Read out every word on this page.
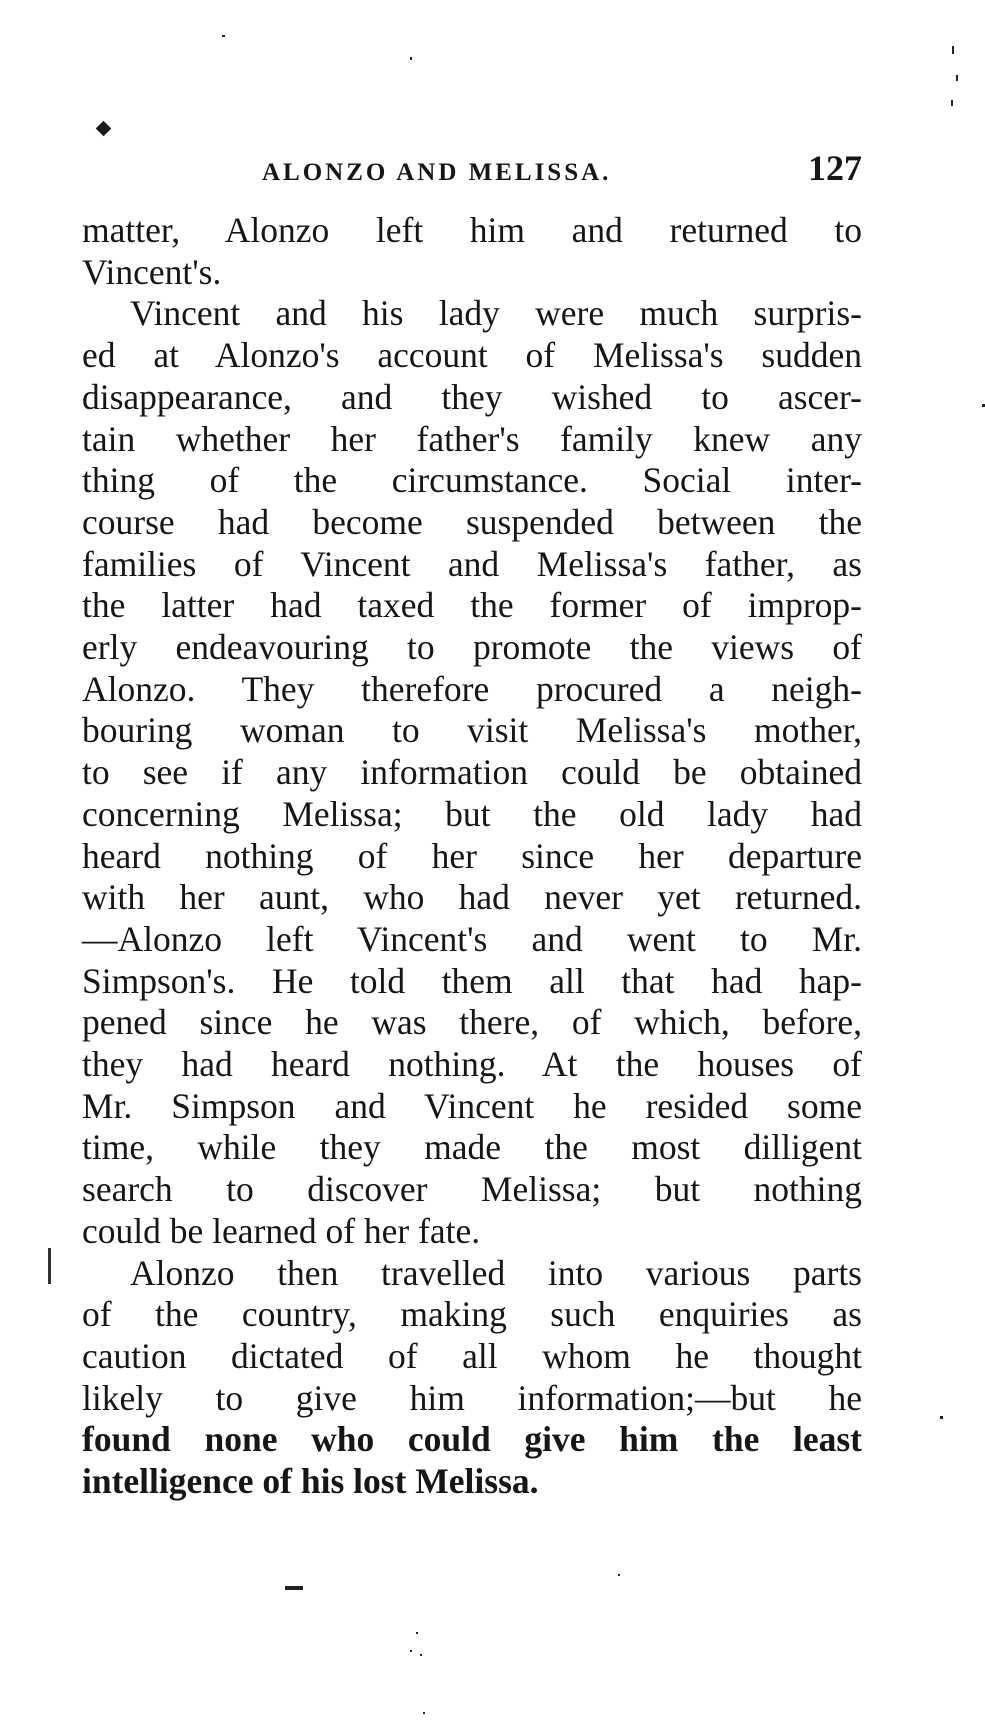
ALONZO AND MELISSA.	127

matter, Alonzo left him and returned to
Vincent's.

Vincent and his lady were much surpris-
ed at Alonzo's account of Melissa's sudden
disappearance, and they wished to ascer-
tain whether her father's family knew any
thing of the circumstance. Social inter-
course had become suspended between the
families of Vincent and Melissa's father, as
the latter had taxed the former of improp-
erly endeavouring to promote the views of
Alonzo. They therefore procured a neigh-
bouring woman to visit Melissa's mother,
to see if any information could be obtained
concerning Melissa; but the old lady had
heard nothing of her since her departure
with her aunt, who had never yet returned.
—Alonzo left Vincent's and went to Mr.
Simpson's. He told them all that had hap-
pened since he was there, of which, before,
they had heard nothing. At the houses of
Mr. Simpson and Vincent he resided some
time, while they made the most dilligent
search to discover Melissa; but nothing
could be learned of her fate.

Alonzo then travelled into various parts
of the country, making such enquiries as
caution dictated of all whom he thought
likely to give him information;—but he
found none who could give him the least
intelligence of his lost Melissa.
